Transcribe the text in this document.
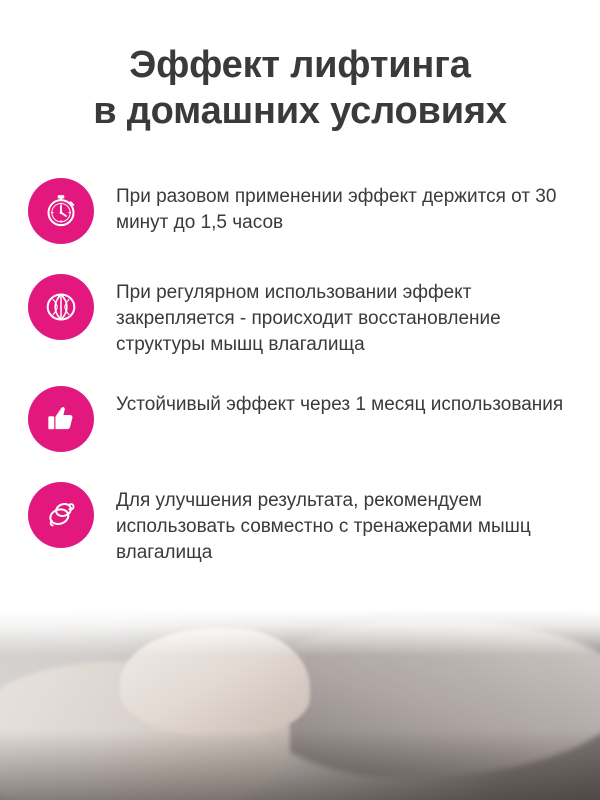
Эффект лифтинга
в домашних условиях
При разовом применении эффект держится от 30 минут до 1,5 часов
При регулярном использовании эффект закрепляется - происходит восстановление структуры мышц влагалища
Устойчивый эффект через 1 месяц использования
Для улучшения результата, рекомендуем использовать совместно с тренажерами мышц влагалища
